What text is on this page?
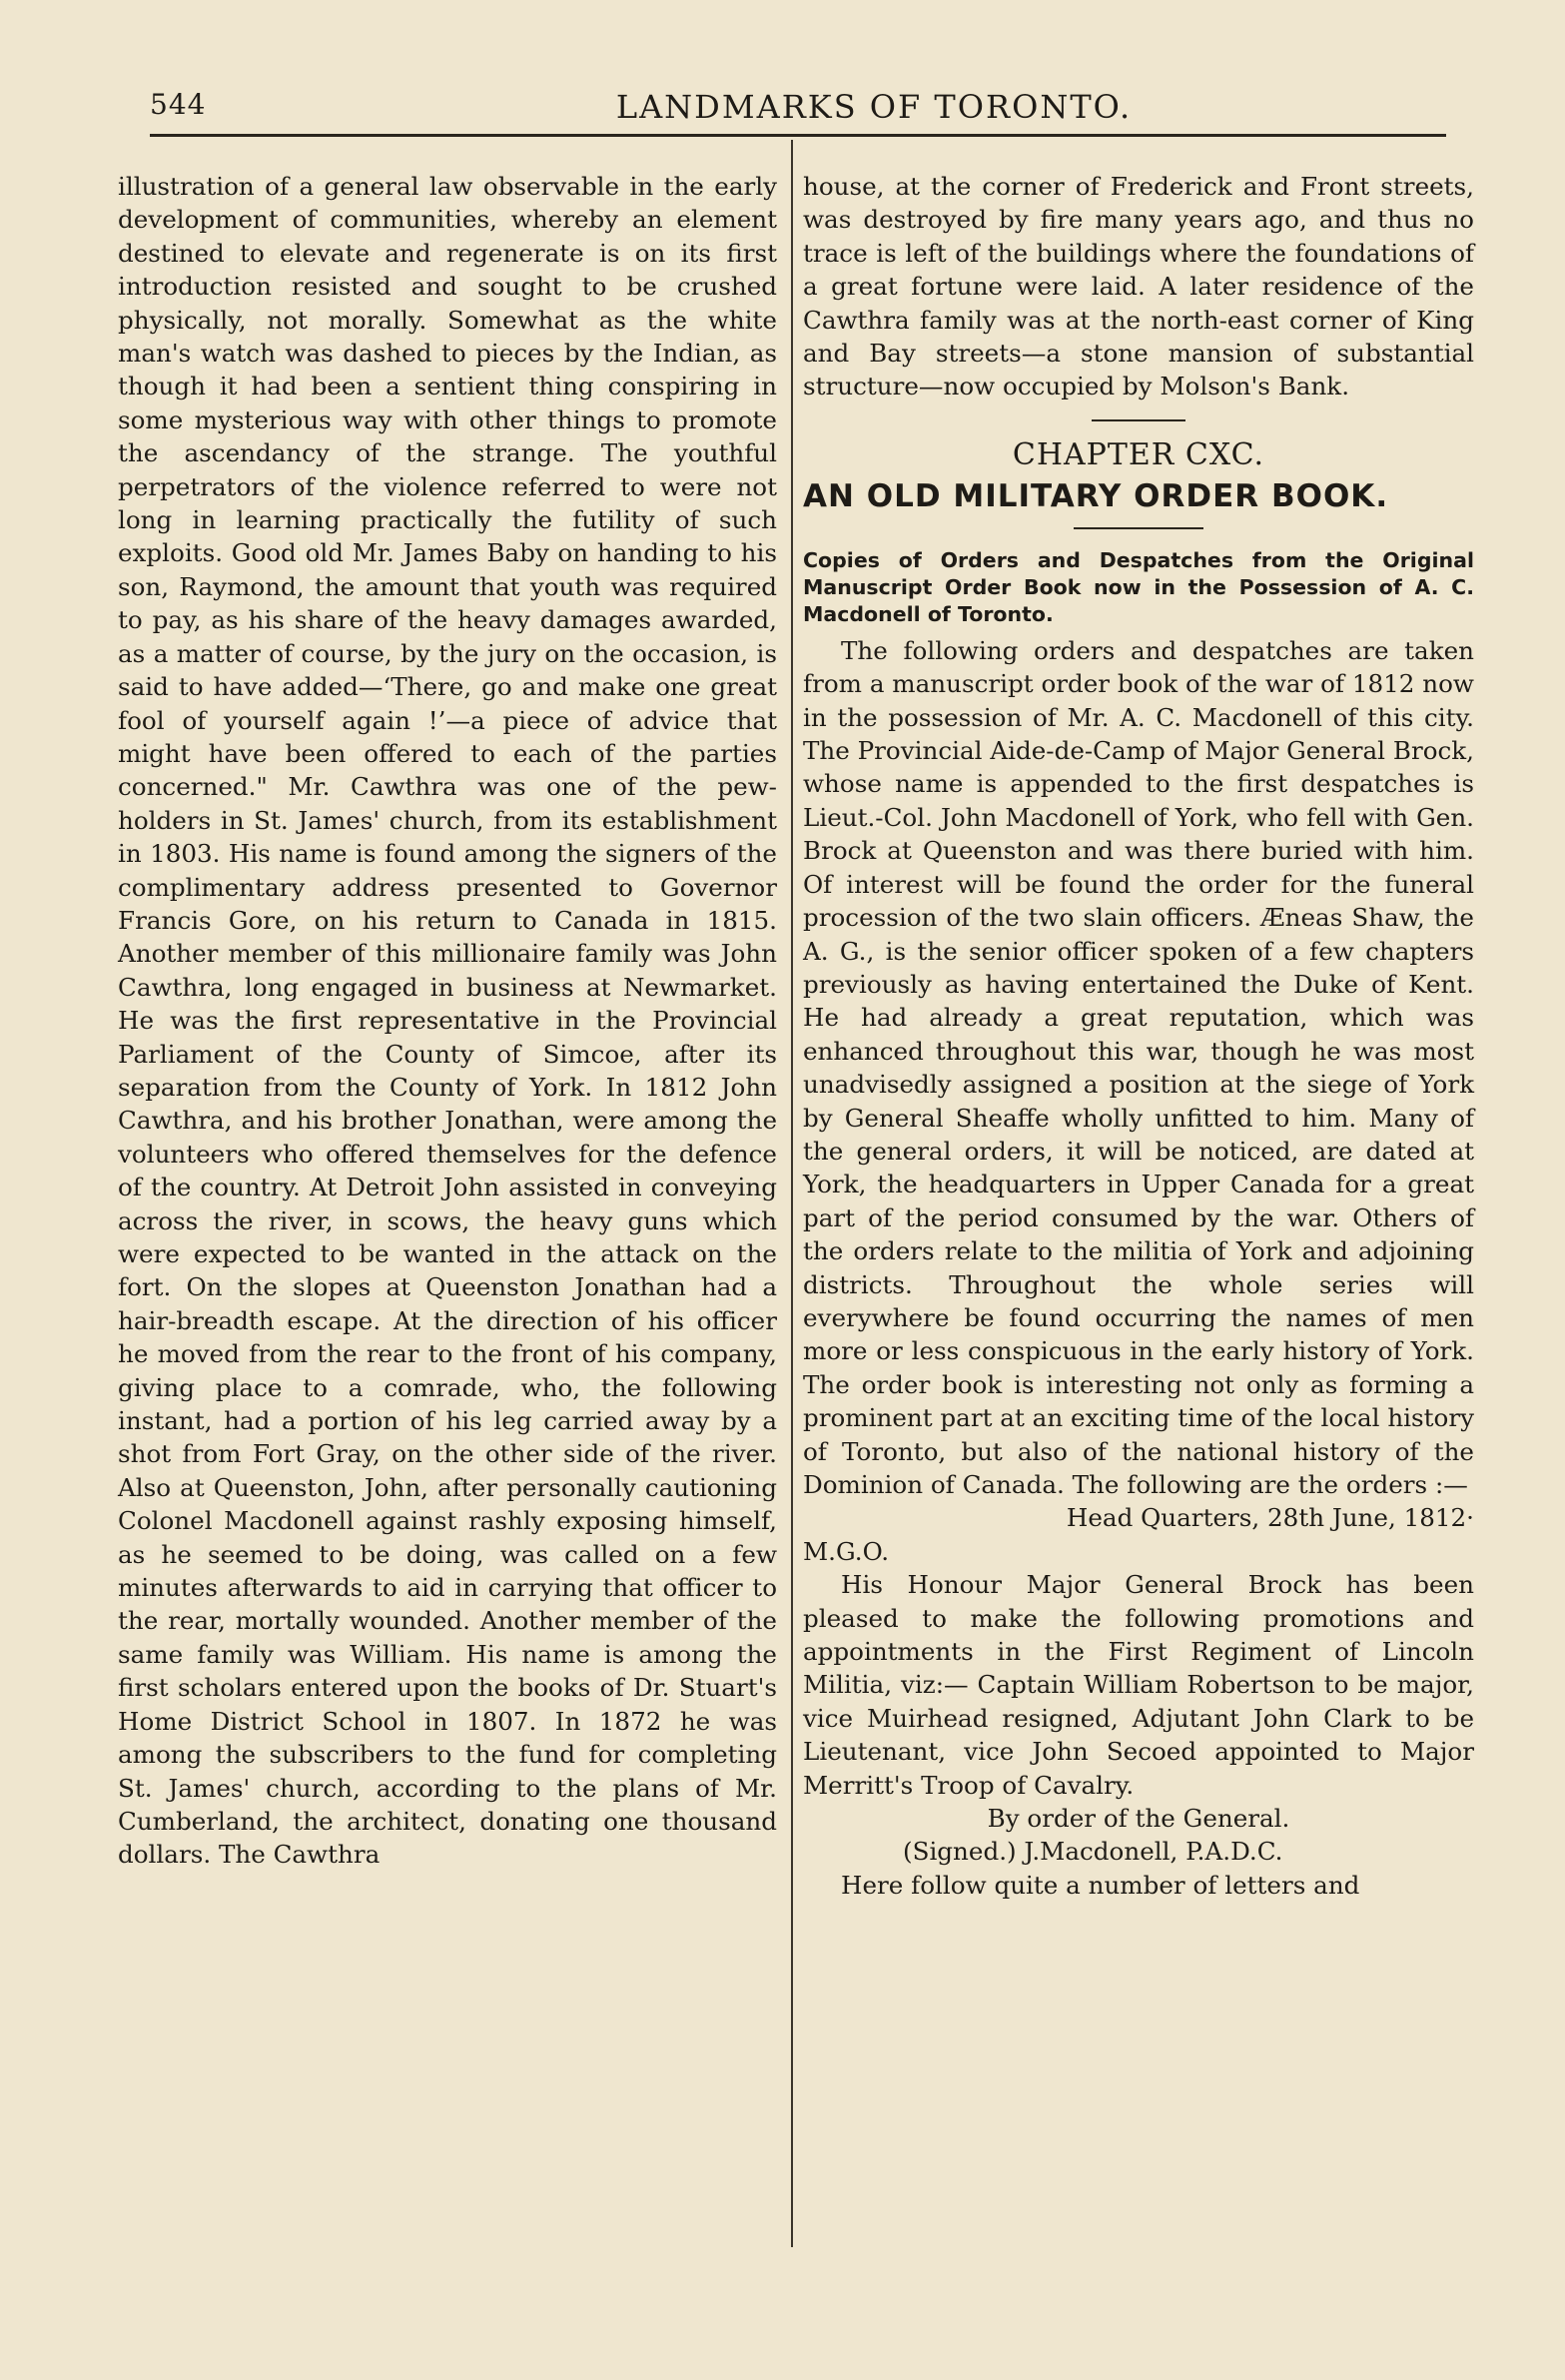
544	LANDMARKS OF TORONTO.

illustration of a general law observable in the early development of communities, whereby an element destined to elevate and regenerate is on its first introduction resisted and sought to be crushed physically, not morally. Somewhat as the white man's watch was dashed to pieces by the Indian, as though it had been a sentient thing conspiring in some mysterious way with other things to promote the ascendancy of the strange. The youthful perpetrators of the violence referred to were not long in learning practically the futility of such exploits. Good old Mr. James Baby on handing to his son, Raymond, the amount that youth was required to pay, as his share of the heavy damages awarded, as a matter of course, by the jury on the occasion, is said to have added—‘There, go and make one great fool of yourself again !’—a piece of advice that might have been offered to each of the parties concerned." Mr. Cawthra was one of the pew-holders in St. James' church, from its establishment in 1803. His name is found among the signers of the complimentary address presented to Governor Francis Gore, on his return to Canada in 1815. Another member of this millionaire family was John Cawthra, long engaged in business at Newmarket. He was the first representative in the Provincial Parliament of the County of Simcoe, after its separation from the County of York. In 1812 John Cawthra, and his brother Jonathan, were among the volunteers who offered themselves for the defence of the country. At Detroit John assisted in conveying across the river, in scows, the heavy guns which were expected to be wanted in the attack on the fort. On the slopes at Queenston Jonathan had a hair-breadth escape. At the direction of his officer he moved from the rear to the front of his company, giving place to a comrade, who, the following instant, had a portion of his leg carried away by a shot from Fort Gray, on the other side of the river. Also at Queenston, John, after personally cautioning Colonel Macdonell against rashly exposing himself, as he seemed to be doing, was called on a few minutes afterwards to aid in carrying that officer to the rear, mortally wounded. Another member of the same family was William. His name is among the first scholars entered upon the books of Dr. Stuart's Home District School in 1807. In 1872 he was among the subscribers to the fund for completing St. James' church, according to the plans of Mr. Cumberland, the architect, donating one thousand dollars. The Cawthra

house, at the corner of Frederick and Front streets, was destroyed by fire many years ago, and thus no trace is left of the buildings where the foundations of a great fortune were laid. A later residence of the Cawthra family was at the north-east corner of King and Bay streets—a stone mansion of substantial structure—now occupied by Molson's Bank.

CHAPTER CXC.

AN OLD MILITARY ORDER BOOK.

Copies of Orders and Despatches from the Original Manuscript Order Book now in the Possession of A. C. Macdonell of Toronto.

The following orders and despatches are taken from a manuscript order book of the war of 1812 now in the possession of Mr. A. C. Macdonell of this city. The Provincial Aide-de-Camp of Major General Brock, whose name is appended to the first despatches is Lieut.-Col. John Macdonell of York, who fell with Gen. Brock at Queenston and was there buried with him. Of interest will be found the order for the funeral procession of the two slain officers. Æneas Shaw, the A. G., is the senior officer spoken of a few chapters previously as having entertained the Duke of Kent. He had already a great reputation, which was enhanced throughout this war, though he was most unadvisedly assigned a position at the siege of York by General Sheaffe wholly unfitted to him. Many of the general orders, it will be noticed, are dated at York, the headquarters in Upper Canada for a great part of the period consumed by the war. Others of the orders relate to the militia of York and adjoining districts. Throughout the whole series will everywhere be found occurring the names of men more or less conspicuous in the early history of York. The order book is interesting not only as forming a prominent part at an exciting time of the local history of Toronto, but also of the national history of the Dominion of Canada. The following are the orders :—

Head Quarters, 28th June, 1812·

M.G.O.

His Honour Major General Brock has been pleased to make the following promotions and appointments in the First Regiment of Lincoln Militia, viz:— Captain William Robertson to be major, vice Muirhead resigned, Adjutant John Clark to be Lieutenant, vice John Secoed appointed to Major Merritt's Troop of Cavalry.

By order of the General.

(Signed.) J.Macdonell, P.A.D.C.

Here follow quite a number of letters and
